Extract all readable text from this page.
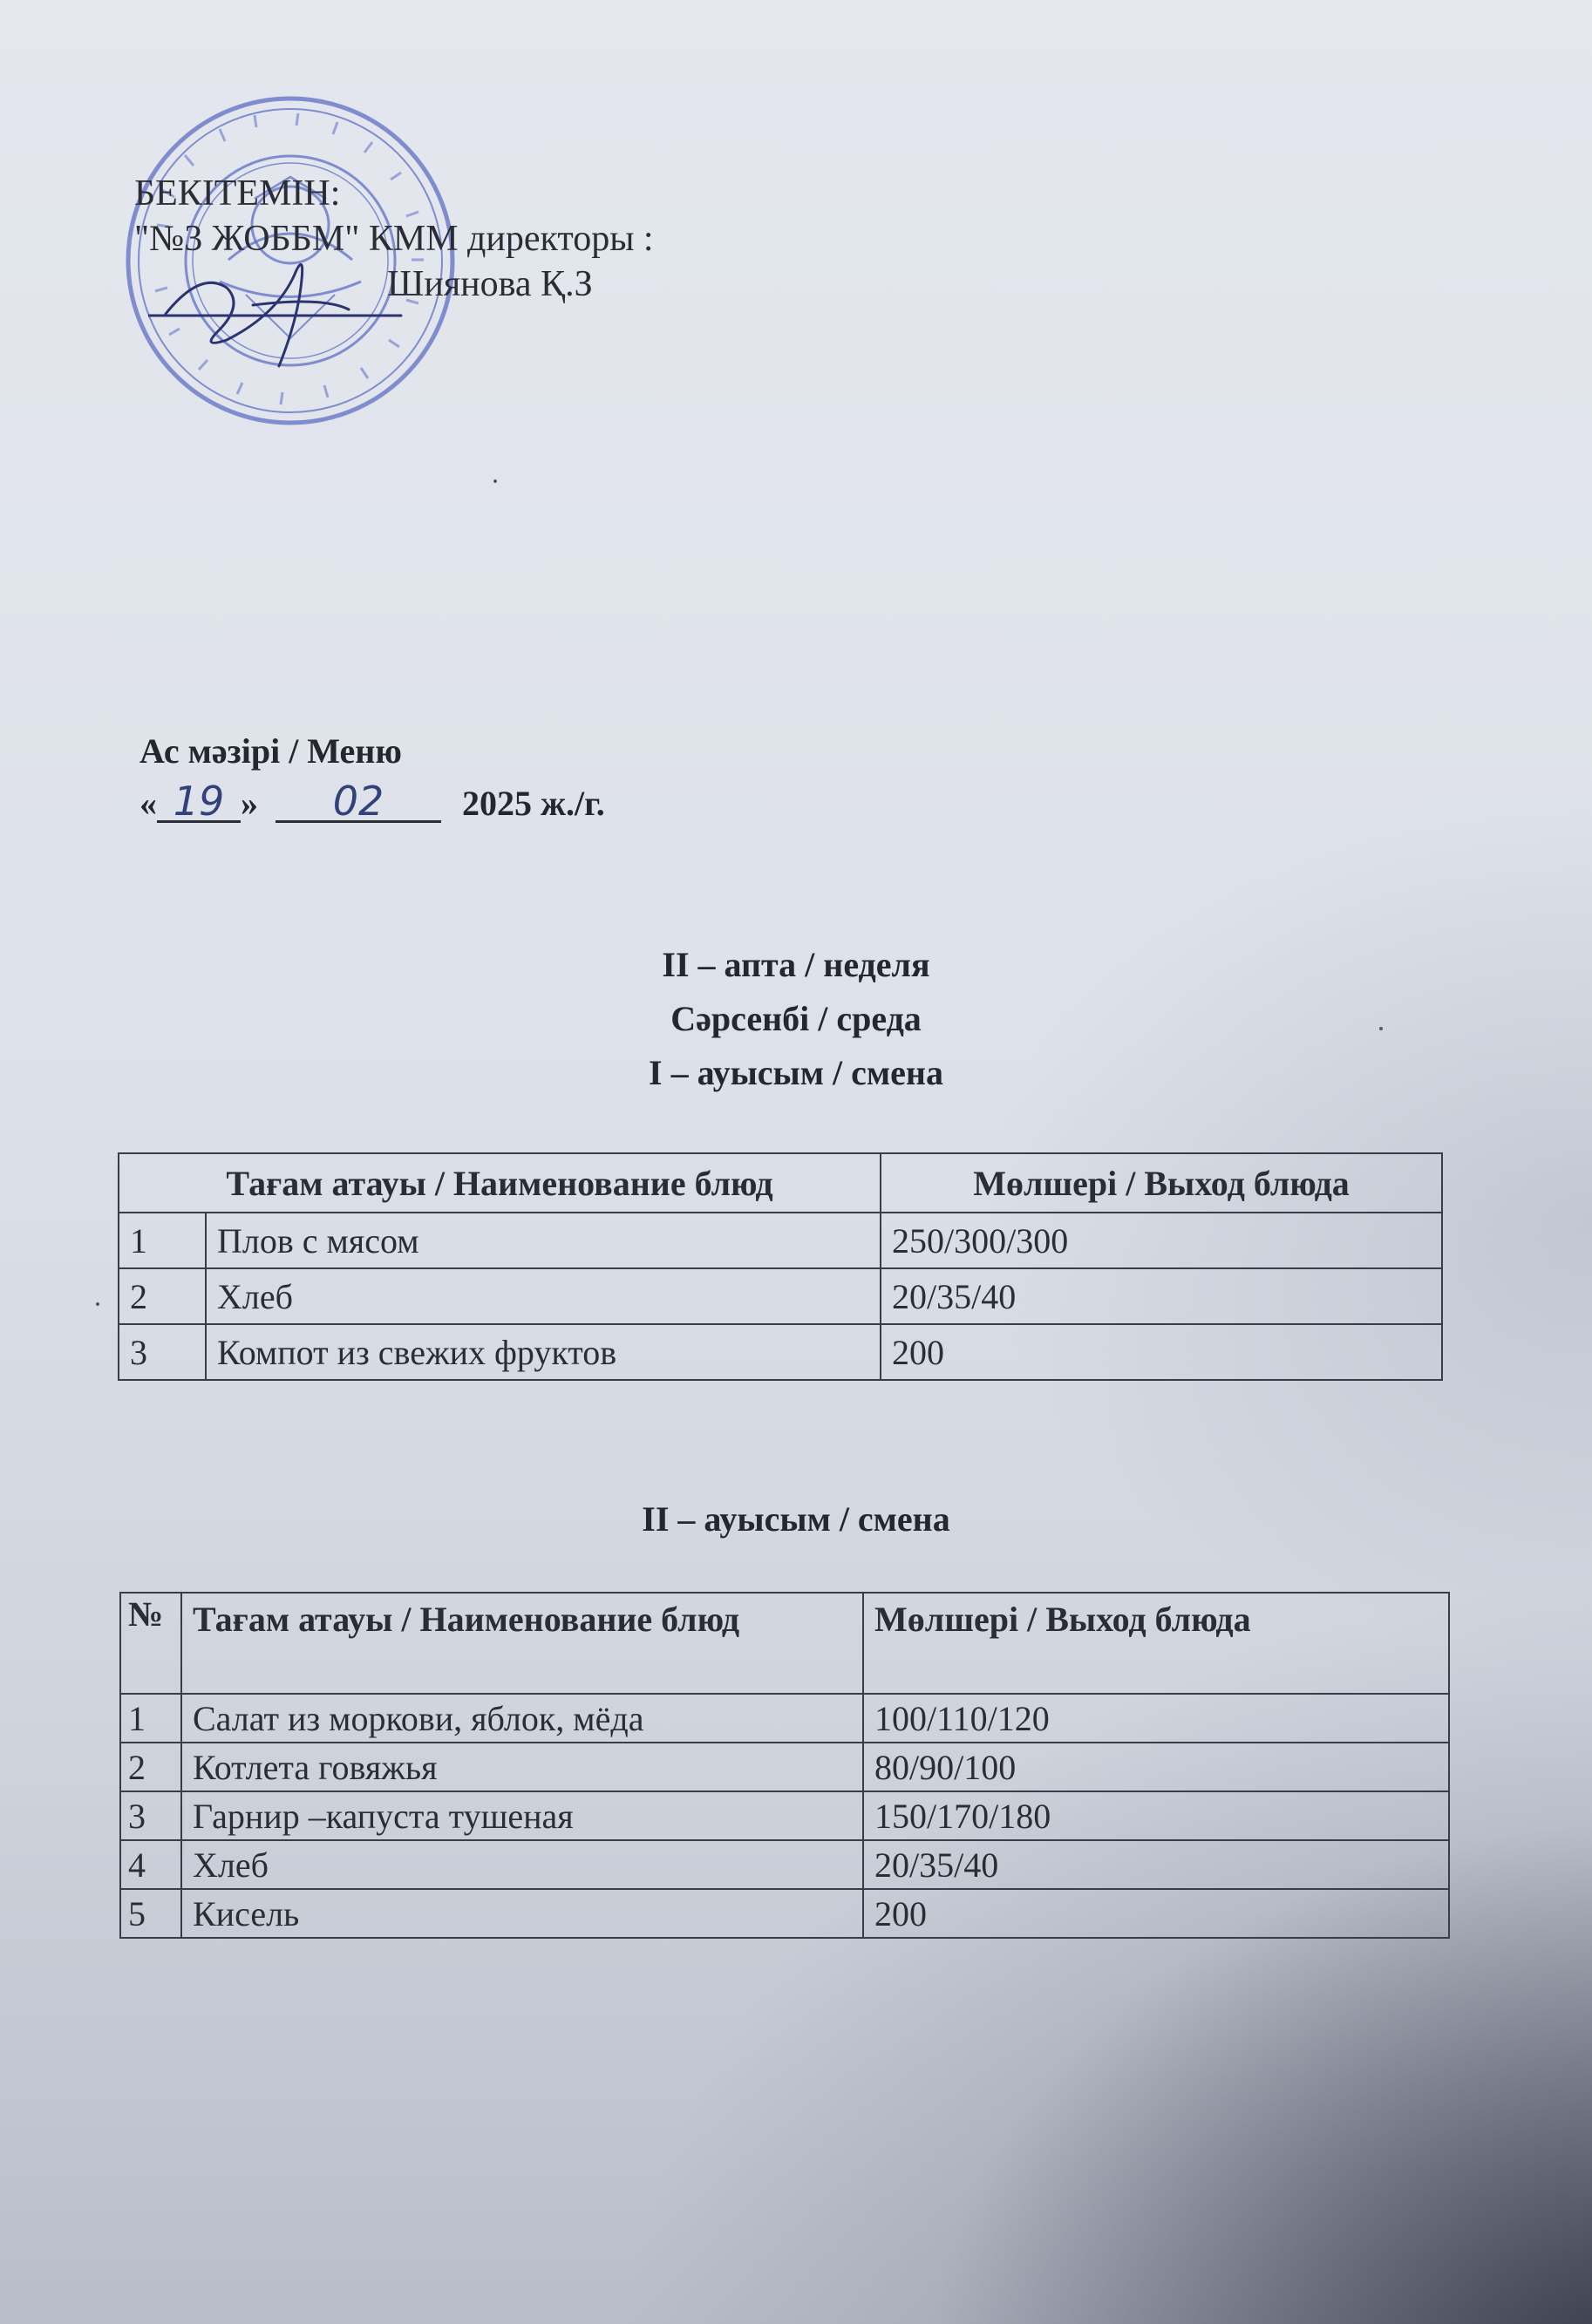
БЕКІТЕМІН:
"№3 ЖОББМ" КММ директоры :
Шиянова Қ.З
Ас мәзірі / Меню
« 19 » 02 2025 ж./г.
II – апта / неделя
Сәрсенбі / среда
I – ауысым / смена
Тағам атауы / Наименование блюд		Мөлшері / Выход блюда
1	Плов с мясом	250/300/300
2	Хлеб	20/35/40
3	Компот из свежих фруктов	200
II – ауысым / смена
№	Тағам атауы / Наименование блюд	Мөлшері / Выход блюда
1	Салат из моркови, яблок, мёда	100/110/120
2	Котлета говяжья	80/90/100
3	Гарнир –капуста тушеная	150/170/180
4	Хлеб	20/35/40
5	Кисель	200
